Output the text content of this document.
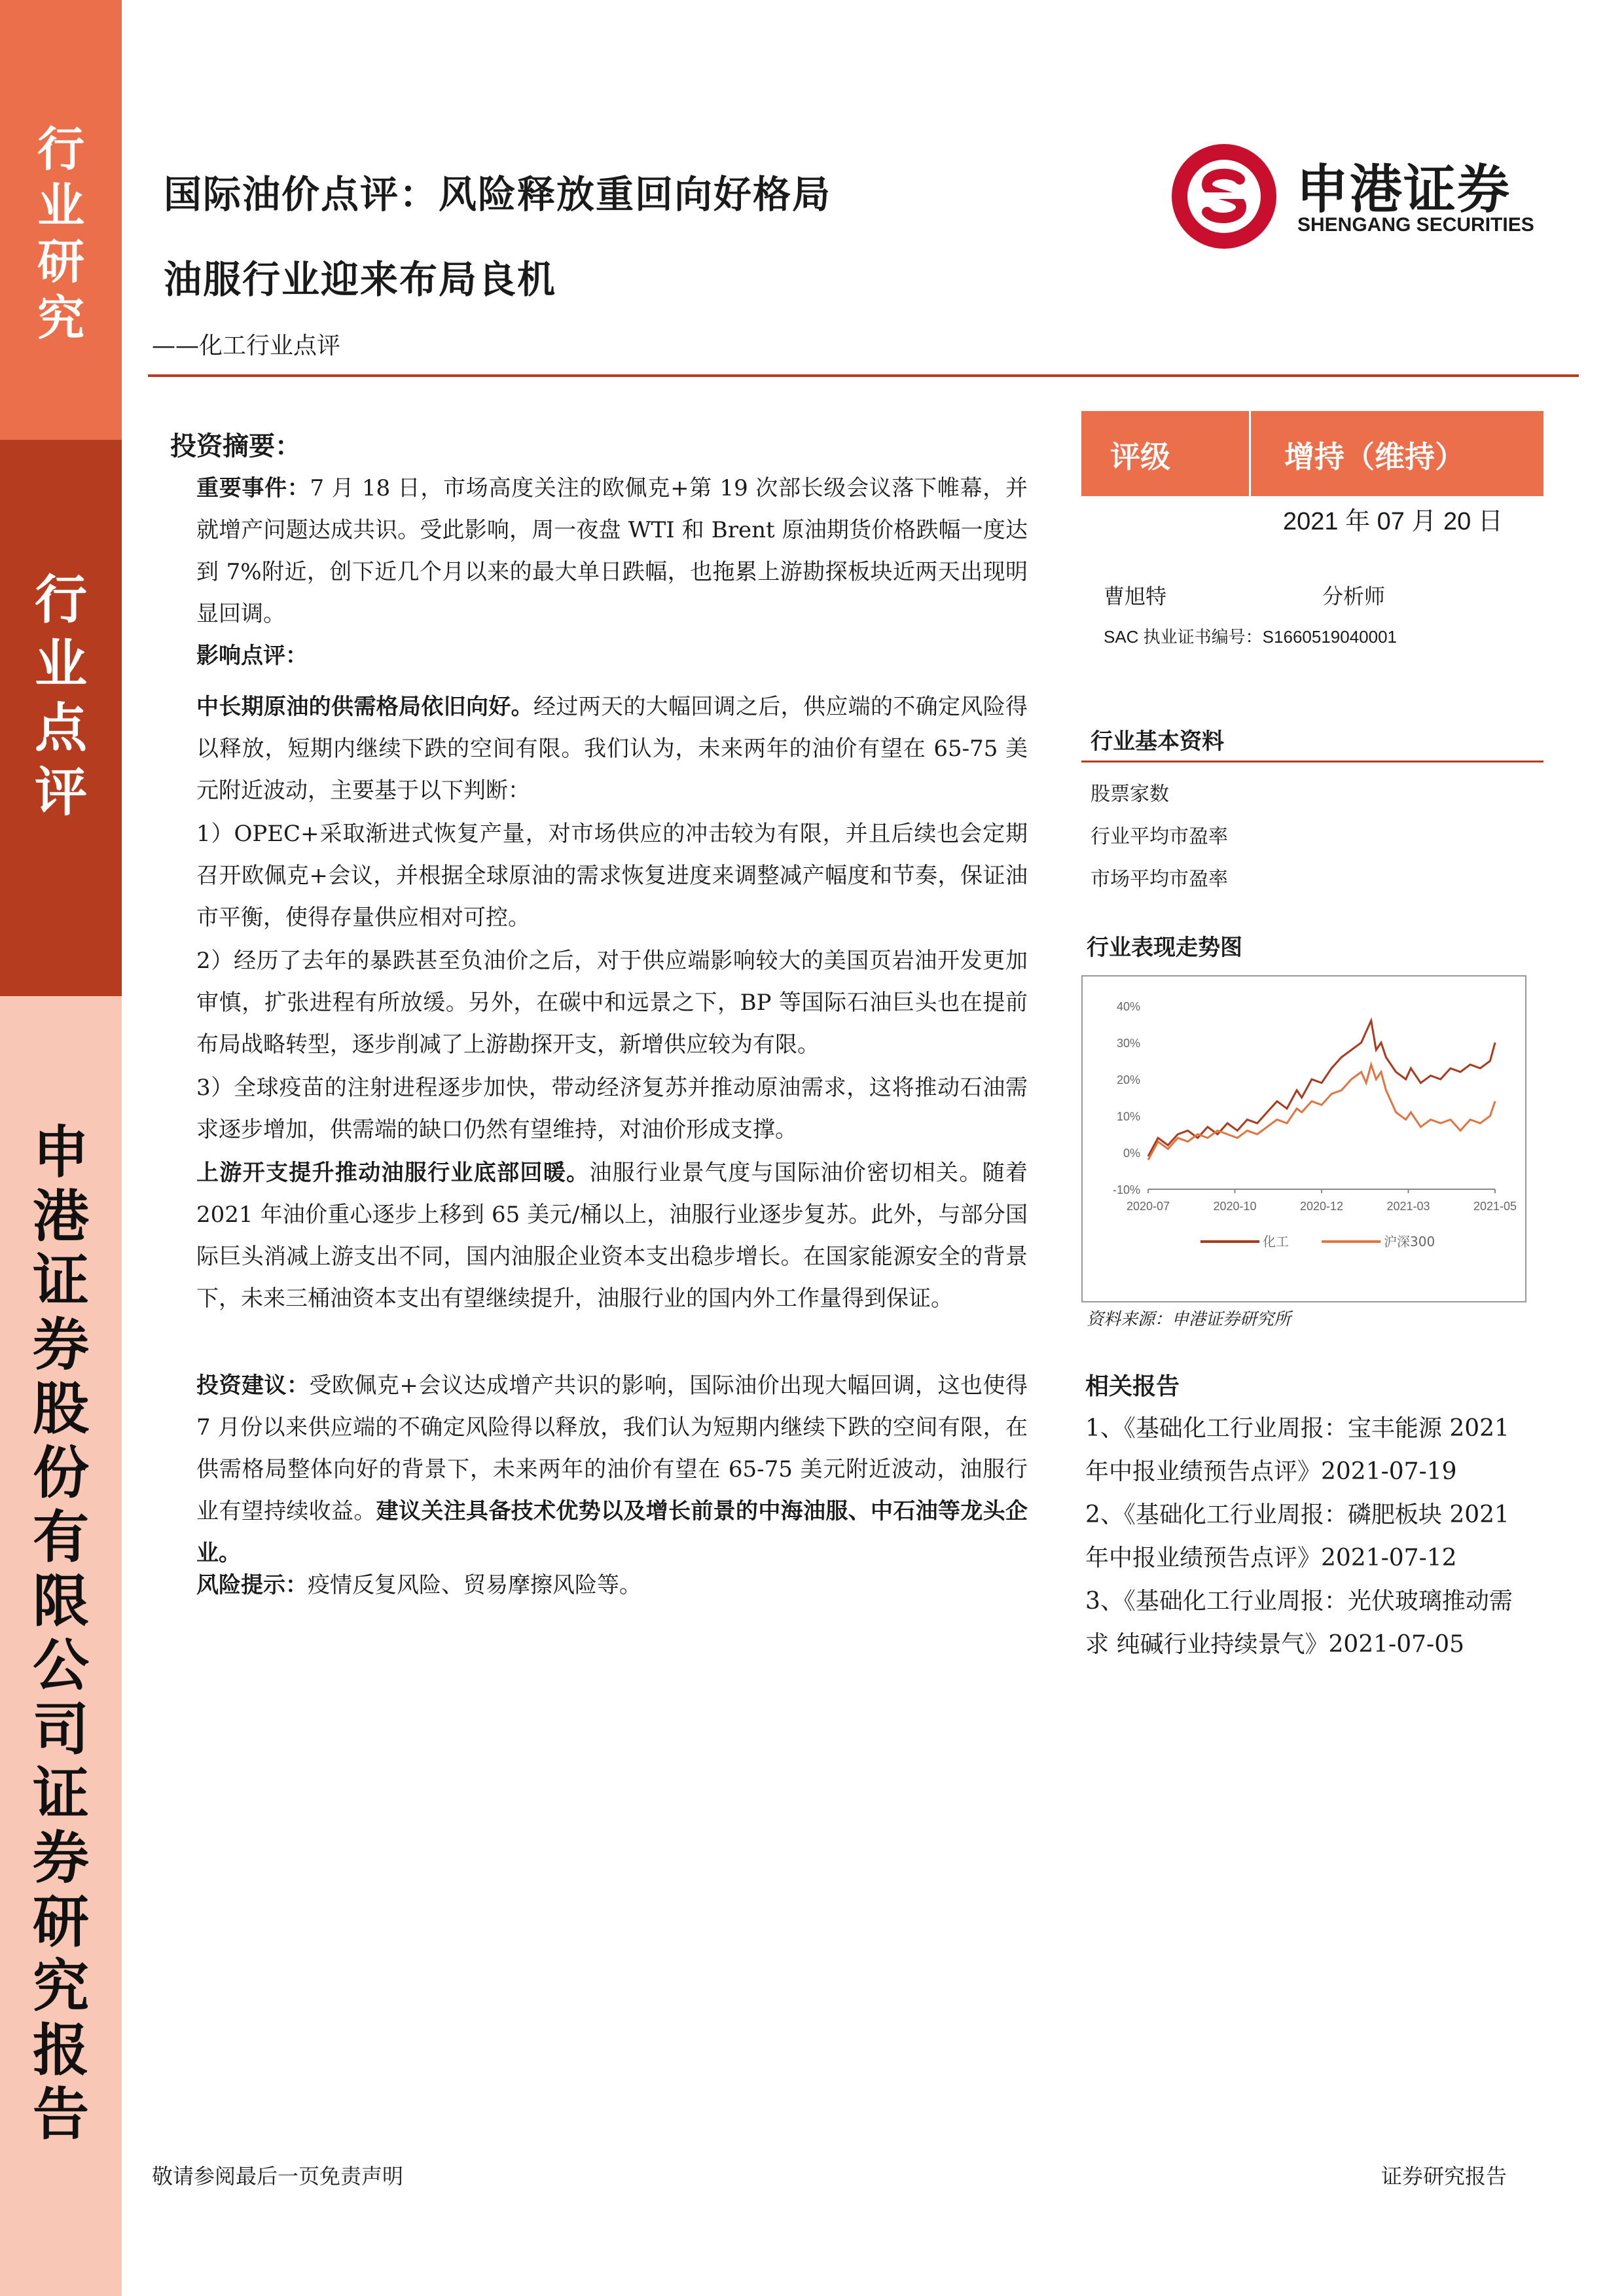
行
业
研
究
行
业
点
评
申
港
证
券
股
份
有
限
公
司
证
券
研
究
报
告
国际油价点评：风险释放重回向好格局
油服行业迎来布局良机
——化工行业点评
申港证券
SHENGANG SECURITIES
投资摘要：
重要事件：7 月 18 日，市场高度关注的欧佩克+第 19 次部长级会议落下帷幕，并就增产问题达成共识。受此影响，周一夜盘 WTI 和 Brent 原油期货价格跌幅一度达到 7%附近，创下近几个月以来的最大单日跌幅，也拖累上游勘探板块近两天出现明显回调。
影响点评：
中长期原油的供需格局依旧向好。经过两天的大幅回调之后，供应端的不确定风险得以释放，短期内继续下跌的空间有限。我们认为，未来两年的油价有望在 65-75 美元附近波动，主要基于以下判断：
1）OPEC+采取渐进式恢复产量，对市场供应的冲击较为有限，并且后续也会定期召开欧佩克+会议，并根据全球原油的需求恢复进度来调整减产幅度和节奏，保证油市平衡，使得存量供应相对可控。
2）经历了去年的暴跌甚至负油价之后，对于供应端影响较大的美国页岩油开发更加审慎，扩张进程有所放缓。另外，在碳中和远景之下，BP 等国际石油巨头也在提前布局战略转型，逐步削减了上游勘探开支，新增供应较为有限。
3）全球疫苗的注射进程逐步加快，带动经济复苏并推动原油需求，这将推动石油需求逐步增加，供需端的缺口仍然有望维持，对油价形成支撑。
上游开支提升推动油服行业底部回暖。油服行业景气度与国际油价密切相关。随着 2021 年油价重心逐步上移到 65 美元/桶以上，油服行业逐步复苏。此外，与部分国际巨头消减上游支出不同，国内油服企业资本支出稳步增长。在国家能源安全的背景下，未来三桶油资本支出有望继续提升，油服行业的国内外工作量得到保证。
投资建议：受欧佩克+会议达成增产共识的影响，国际油价出现大幅回调，这也使得 7 月份以来供应端的不确定风险得以释放，我们认为短期内继续下跌的空间有限，在供需格局整体向好的背景下，未来两年的油价有望在 65-75 美元附近波动，油服行业有望持续收益。建议关注具备技术优势以及增长前景的中海油服、中石油等龙头企业。
风险提示：疫情反复风险、贸易摩擦风险等。
评级	增持（维持）
2021 年 07 月 20 日
曹旭特	分析师
SAC 执业证书编号：S1660519040001
行业基本资料
股票家数
行业平均市盈率
市场平均市盈率
行业表现走势图
40%
30%
20%
10%
0%
-10%
2020-07	2020-10	2020-12	2021-03	2021-05
化工	沪深300
资料来源：申港证券研究所
相关报告
1、《基础化工行业周报：宝丰能源 2021 年中报业绩预告点评》2021-07-19
2、《基础化工行业周报：磷肥板块 2021 年中报业绩预告点评》2021-07-12
3、《基础化工行业周报：光伏玻璃推动需求 纯碱行业持续景气》2021-07-05
敬请参阅最后一页免责声明	证券研究报告
